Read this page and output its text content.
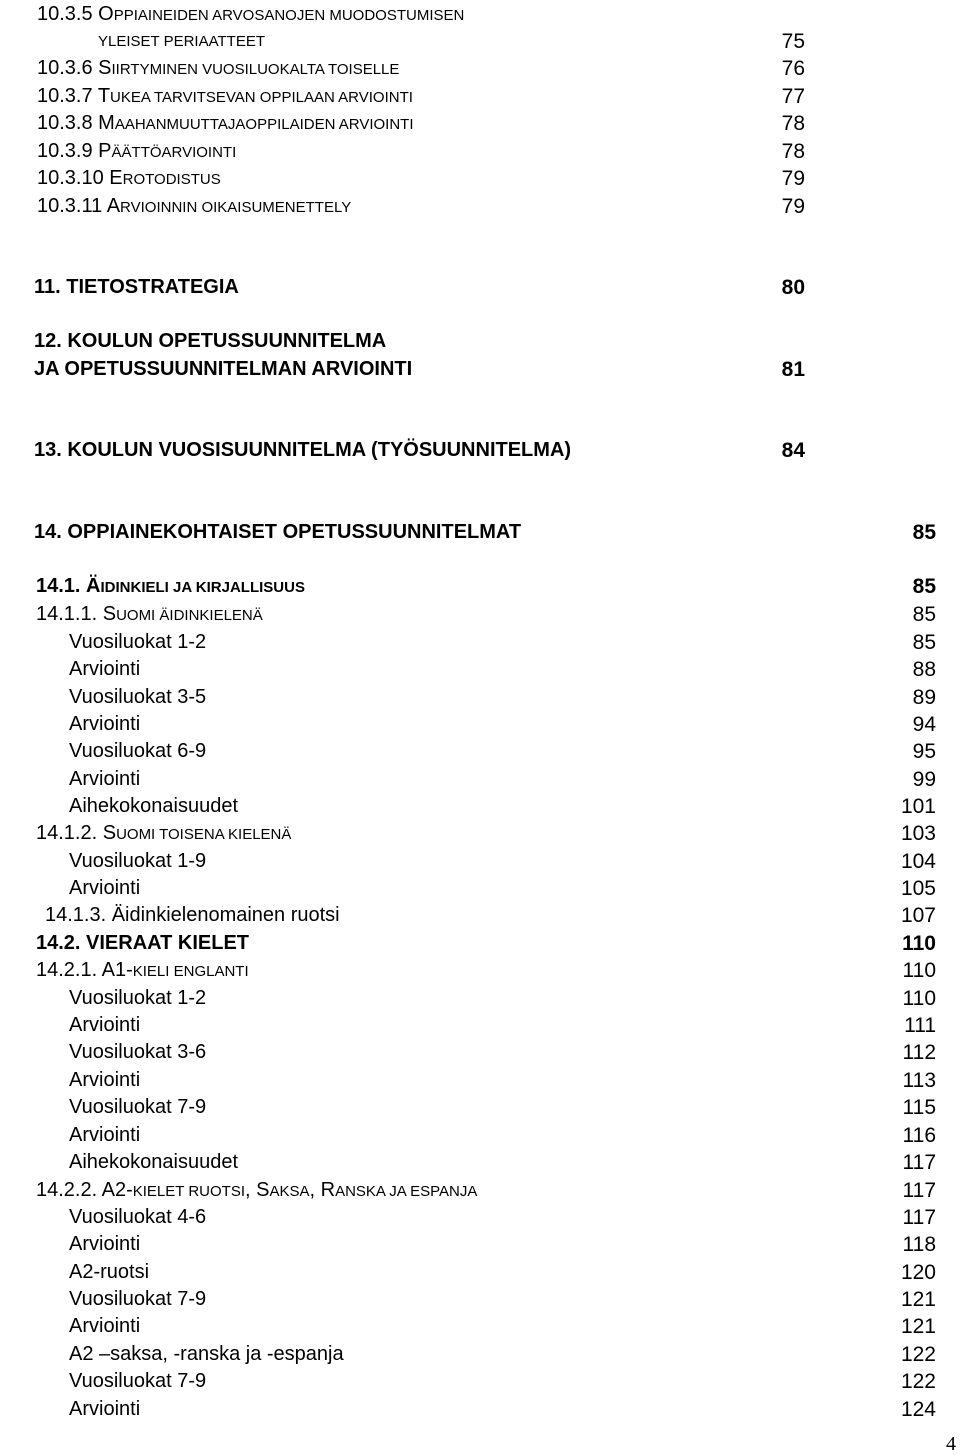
10.3.5 OPPIAINEIDEN ARVOSANOJEN MUODOSTUMISEN
YLEISET PERIAATTEET	75
10.3.6 SIIRTYMINEN VUOSILUOKALTA TOISELLE	76
10.3.7 TUKEA TARVITSEVAN OPPILAAN ARVIOINTI	77
10.3.8 MAAHANMUUTTAJAOPPILAIDEN ARVIOINTI	78
10.3.9 PÄÄTTÖARVIOINTI	78
10.3.10 EROTODISTUS	79
10.3.11 ARVIOINNIN OIKAISUMENETTELY	79
11. TIETOSTRATEGIA	80
12. KOULUN OPETUSSUUNNITELMA
JA OPETUSSUUNNITELMAN ARVIOINTI	81
13. KOULUN VUOSISUUNNITELMA (TYÖSUUNNITELMA)	84
14. OPPIAINEKOHTAISET OPETUSSUUNNITELMAT	85
14.1. ÄIDINKIELI JA KIRJALLISUUS	85
14.1.1. SUOMI ÄIDINKIELENÄ	85
Vuosiluokat 1-2	85
Arviointi	88
Vuosiluokat 3-5	89
Arviointi	94
Vuosiluokat 6-9	95
Arviointi	99
Aihekokonaisuudet	101
14.1.2. SUOMI TOISENA KIELENÄ	103
Vuosiluokat 1-9	104
Arviointi	105
14.1.3. Äidinkielenomainen ruotsi	107
14.2. VIERAAT KIELET	110
14.2.1. A1-KIELI ENGLANTI	110
Vuosiluokat 1-2	110
Arviointi	111
Vuosiluokat 3-6	112
Arviointi	113
Vuosiluokat 7-9	115
Arviointi	116
Aihekokonaisuudet	117
14.2.2. A2-KIELET RUOTSI, SAKSA, RANSKA JA ESPANJA	117
Vuosiluokat 4-6	117
Arviointi	118
A2-ruotsi	120
Vuosiluokat 7-9	121
Arviointi	121
A2 –saksa, -ranska ja -espanja	122
Vuosiluokat 7-9	122
Arviointi	124
4
